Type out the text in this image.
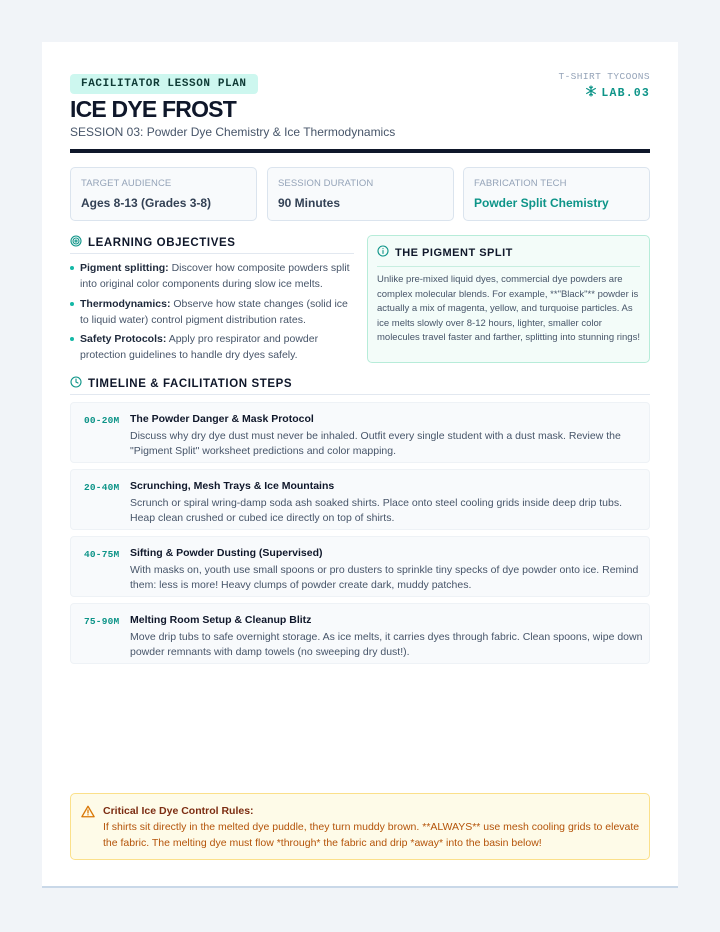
FACILITATOR LESSON PLAN
T-SHIRT TYCOONS
LAB.03
ICE DYE FROST
SESSION 03: Powder Dye Chemistry & Ice Thermodynamics
TARGET AUDIENCE
Ages 8-13 (Grades 3-8)
SESSION DURATION
90 Minutes
FABRICATION TECH
Powder Split Chemistry
LEARNING OBJECTIVES
Pigment splitting: Discover how composite powders split into original color components during slow ice melts.
Thermodynamics: Observe how state changes (solid ice to liquid water) control pigment distribution rates.
Safety Protocols: Apply pro respirator and powder protection guidelines to handle dry dyes safely.
THE PIGMENT SPLIT

Unlike pre-mixed liquid dyes, commercial dye powders are complex molecular blends. For example, **"Black"** powder is actually a mix of magenta, yellow, and turquoise particles. As ice melts slowly over 8-12 hours, lighter, smaller color molecules travel faster and farther, splitting into stunning rings!

TIMELINE & FACILITATION STEPS
00-20M The Powder Danger & Mask Protocol
Discuss why dry dye dust must never be inhaled. Outfit every single student with a dust mask. Review the "Pigment Split" worksheet predictions and color mapping.
20-40M Scrunching, Mesh Trays & Ice Mountains
Scrunch or spiral wring-damp soda ash soaked shirts. Place onto steel cooling grids inside deep drip tubs. Heap clean crushed or cubed ice directly on top of shirts.
40-75M Sifting & Powder Dusting (Supervised)
With masks on, youth use small spoons or pro dusters to sprinkle tiny specks of dye powder onto ice. Remind them: less is more! Heavy clumps of powder create dark, muddy patches.
75-90M Melting Room Setup & Cleanup Blitz
Move drip tubs to safe overnight storage. As ice melts, it carries dyes through fabric. Clean spoons, wipe down powder remnants with damp towels (no sweeping dry dust!).
Critical Ice Dye Control Rules:
If shirts sit directly in the melted dye puddle, they turn muddy brown. **ALWAYS** use mesh cooling grids to elevate the fabric. The melting dye must flow *through* the fabric and drip *away* into the basin below!
